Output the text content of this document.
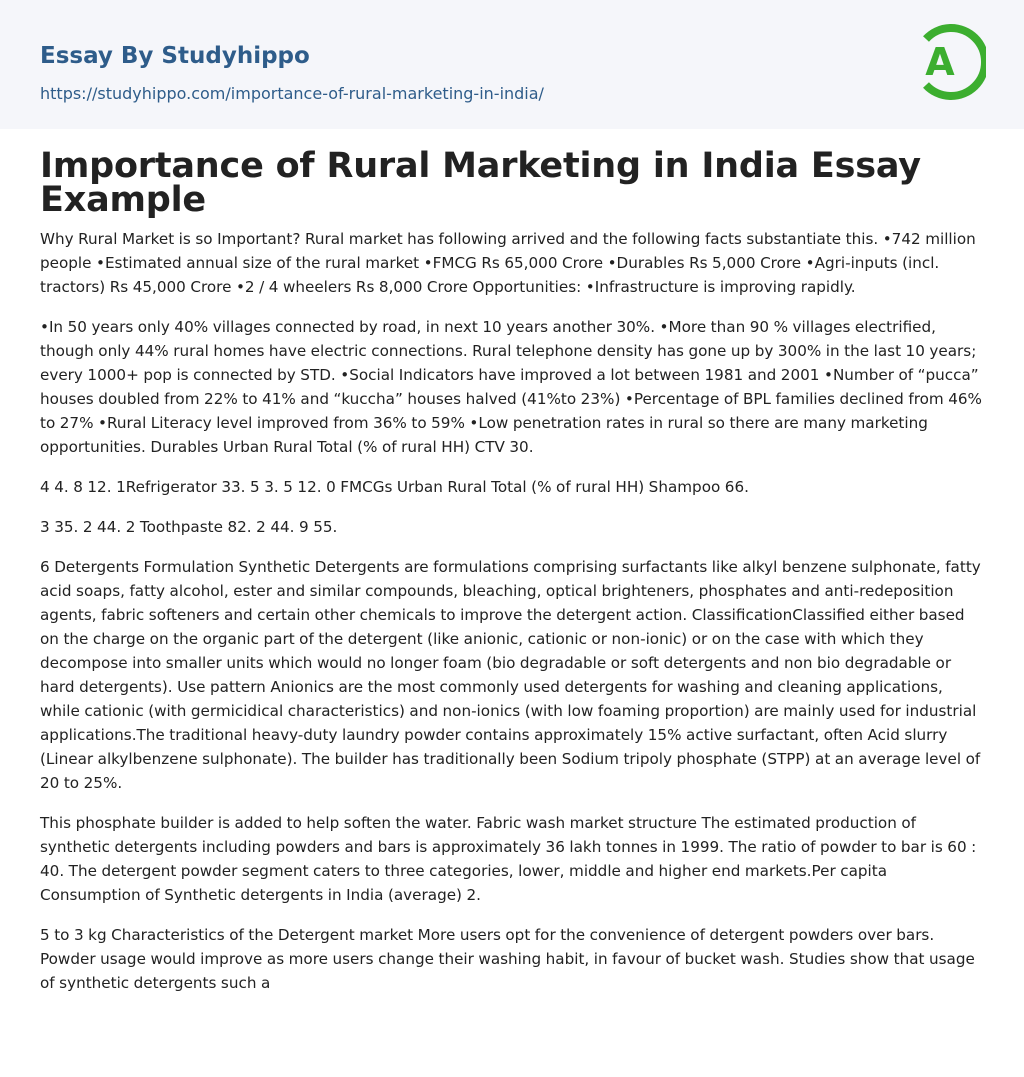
Essay By Studyhippo
https://studyhippo.com/importance-of-rural-marketing-in-india/
A
Importance of Rural Marketing in India Essay Example

Why Rural Market is so Important? Rural market has following arrived and the following facts substantiate this. •742 million people •Estimated annual size of the rural market •FMCG Rs 65,000 Crore •Durables Rs 5,000 Crore •Agri-inputs (incl. tractors) Rs 45,000 Crore •2 / 4 wheelers Rs 8,000 Crore Opportunities: •Infrastructure is improving rapidly.

•In 50 years only 40% villages connected by road, in next 10 years another 30%. •More than 90 % villages electrified, though only 44% rural homes have electric connections. Rural telephone density has gone up by 300% in the last 10 years; every 1000+ pop is connected by STD. •Social Indicators have improved a lot between 1981 and 2001 •Number of “pucca” houses doubled from 22% to 41% and “kuccha” houses halved (41%to 23%) •Percentage of BPL families declined from 46% to 27% •Rural Literacy level improved from 36% to 59% •Low penetration rates in rural so there are many marketing opportunities. Durables Urban Rural Total (% of rural HH) CTV 30.

4 4. 8 12. 1Refrigerator 33. 5 3. 5 12. 0 FMCGs Urban Rural Total (% of rural HH) Shampoo 66.

3 35. 2 44. 2 Toothpaste 82. 2 44. 9 55.

6 Detergents Formulation Synthetic Detergents are formulations comprising surfactants like alkyl benzene sulphonate, fatty acid soaps, fatty alcohol, ester and similar compounds, bleaching, optical brighteners, phosphates and anti-redeposition agents, fabric softeners and certain other chemicals to improve the detergent action. ClassificationClassified either based on the charge on the organic part of the detergent (like anionic, cationic or non-ionic) or on the case with which they decompose into smaller units which would no longer foam (bio degradable or soft detergents and non bio degradable or hard detergents). Use pattern Anionics are the most commonly used detergents for washing and cleaning applications, while cationic (with germicidical characteristics) and non-ionics (with low foaming proportion) are mainly used for industrial applications.The traditional heavy-duty laundry powder contains approximately 15% active surfactant, often Acid slurry (Linear alkylbenzene sulphonate). The builder has traditionally been Sodium tripoly phosphate (STPP) at an average level of 20 to 25%.

This phosphate builder is added to help soften the water. Fabric wash market structure The estimated production of synthetic detergents including powders and bars is approximately 36 lakh tonnes in 1999. The ratio of powder to bar is 60 : 40. The detergent powder segment caters to three categories, lower, middle and higher end markets.Per capita Consumption of Synthetic detergents in India (average) 2.

5 to 3 kg Characteristics of the Detergent market More users opt for the convenience of detergent powders over bars. Powder usage would improve as more users change their washing habit, in favour of bucket wash. Studies show that usage of synthetic detergents such a
